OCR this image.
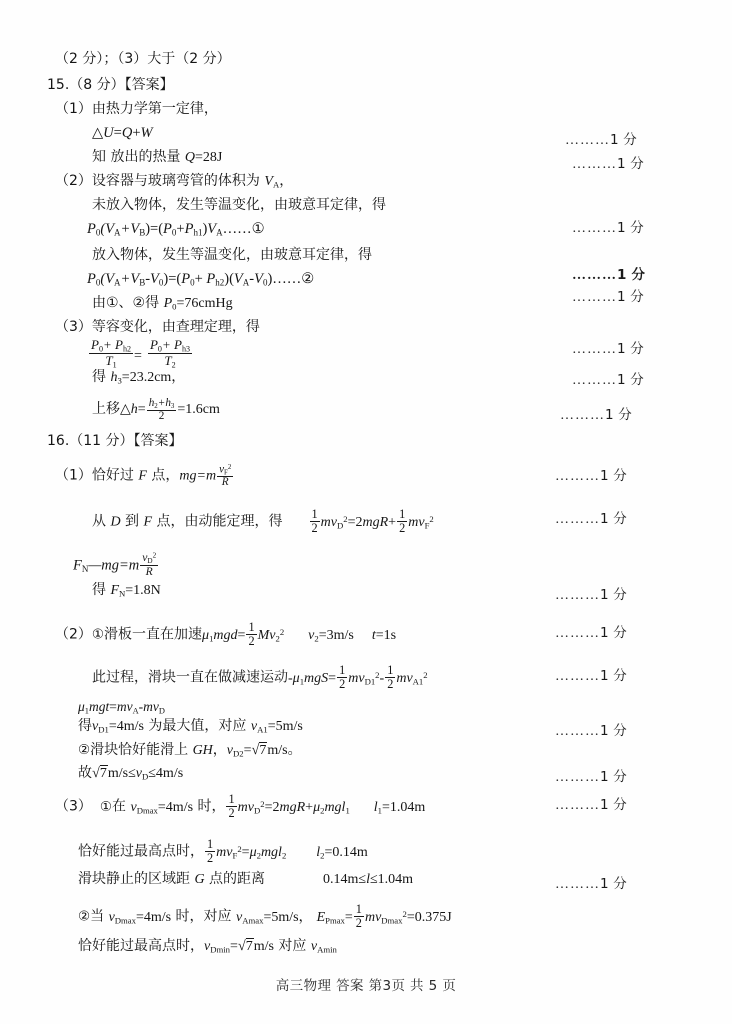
（2 分）；（3）大于（2 分）
15.（8 分）【答案】
（1）由热力学第一定律，
△U=Q+W
知 放出的热量 Q=28J
（2）设容器与玻璃弯管的体积为 $V_A$，
未放入物体，发生等温变化，由玻意耳定律，得
$P_0(V_A+V_B)=(P_0+P_{h1})V_A\dots\dots ①$
放入物体，发生等温变化，由玻意耳定律，得
$P_0(V_A+V_B-V_0)=(P_0+$ $P_{h2})(V_A-V_0)\dots\dots ②$
由①、②得 $P_0=76cmHg$
（3）等容变化，由查理定理，得
$\frac{P_0+ P_{h2}}{T_1} = \frac{P_0+ P_{h3}}{T_2}$
得 $h_3=23.2cm$，
上移△h= $\frac{h_2+h_3}{2} =1.6cm$
16.（11 分）【答案】
（1）恰好过 F 点，$mg=m \frac{v_F^2}{R}$
从 D 到 F 点，由动能定理，得 $\frac{1}{2} mv_D^2=2mgR+ \frac{1}{2} mv_F^2$
$F_N—mg=m \frac{v_D^2}{R}$
得 $F_N=1.8N$
（2）①滑板一直在加速$\mu_1mgd= \frac{1}{2} Mv_2^2$ $v_2=3m/s$ t=1s
此过程，滑块一直在做减速运动$-\mu_1mgS= \frac{1}{2} mv_{D1}^2- \frac{1}{2} mv_{A1}^2$
$\mu_1mgt=mv_A-mv_D$
得$v_{D1}=4m/s$ 为最大值，对应 $v_{A1}=5m/s$
②滑块恰好能滑上 GH，$v_{D2}=√7m/s$。
故$√7m/s\le v_D\le 4m/s$
（3） ①在 $v_{Dmax}=4m/s$ 时， $\frac{1}{2} mv_D^2=2mgR+\mu_2mgl_1$ $l_1=1.04m$
恰好能过最高点时， $\frac{1}{2} mv_F^2=\mu_2mgl_2$ $l_2=0.14m$
滑块静止的区域距 G 点的距离	0.14m≤l≤1.04m
②当 $v_{Dmax}=4m/s$ 时，对应 $v_{Amax}=5m/s$， $E_{Pmax}= \frac{1}{2} mv_{Dmax}^2=0.375J$
恰好能过最高点时，$v_{Dmin}=√7m/s$ 对应 $v_{Amin}$
………1 分
………1 分
………1 分
………1 分
………1 分
………1 分
………1 分
………1 分
………1 分
………1 分
………1 分
………1 分
………1 分
………1 分
………1 分
………1 分
………1 分
高三物理 答案 第3页 共 5 页
